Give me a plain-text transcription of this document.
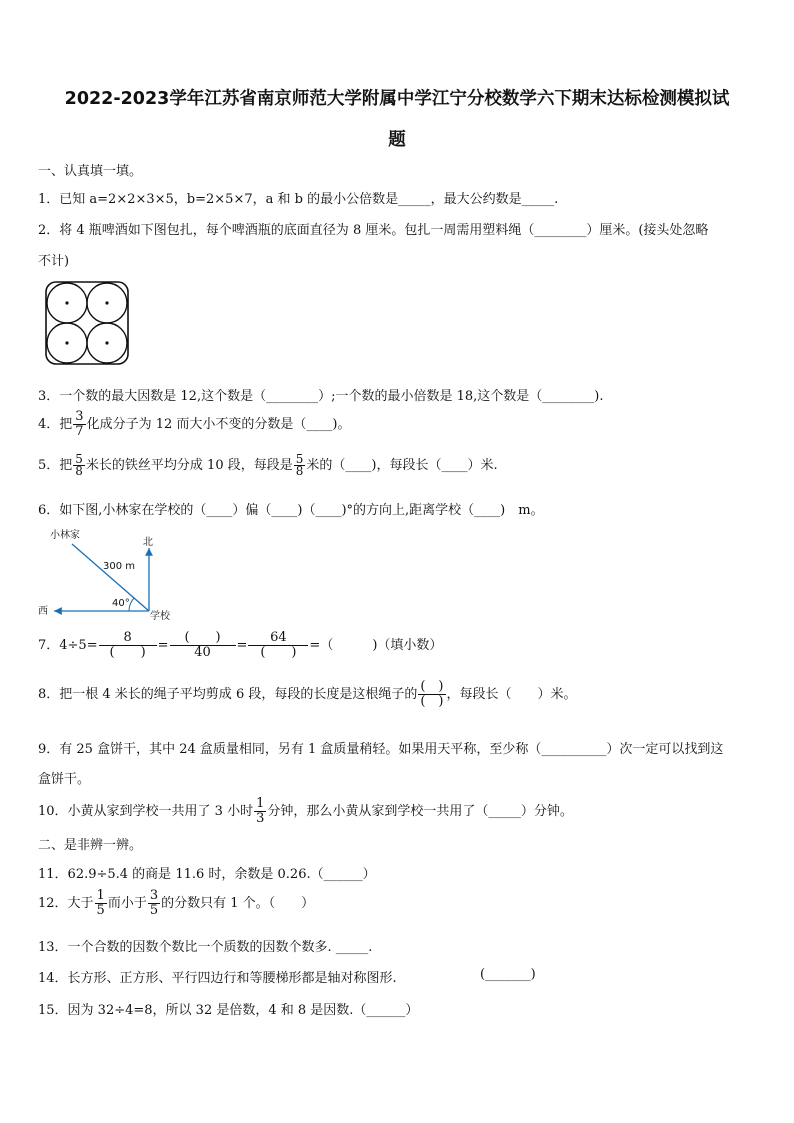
2022-2023学年江苏省南京师范大学附属中学江宁分校数学六下期末达标检测模拟试
题
一、认真填一填。
1．已知 a=2×2×3×5，b=2×5×7，a 和 b 的最小公倍数是_____，最大公约数是_____.
2．将 4 瓶啤酒如下图包扎，每个啤酒瓶的底面直径为 8 厘米。包扎一周需用塑料绳（________）厘米。(接头处忽略
不计)
3．一个数的最大因数是 12,这个数是（________）;一个数的最小倍数是 18,这个数是（________).
4．把 $\frac{3}{7}$ 化成分子为 12 而大小不变的分数是（____)。
5．把 $\frac{5}{8}$ 米长的铁丝平均分成 10 段，每段是 $\frac{5}{8}$ 米的（____)，每段长（____）米.
6．如下图,小林家在学校的（____）偏（____)（____)°的方向上,距离学校（____)　m。
小林家
北
西	学校
300 m
40°
7．$4\div 5= \frac{8}{( )} = \frac{( )}{40} = \frac{64}{( )}$ =（　　　)（填小数）
8．把一根 4 米长的绳子平均剪成 6 段，每段的长度是这根绳子的 $\frac{( )}{( )}$ ，每段长（　　）米。
9．有 25 盒饼干，其中 24 盒质量相同，另有 1 盒质量稍轻。如果用天平称，至少称（__________）次一定可以找到这
盒饼干。
10．小黄从家到学校一共用了 3 小时 $\frac{1}{3}$ 分钟，那么小黄从家到学校一共用了（_____）分钟。
二、是非辨一辨。
11．62.9÷5.4 的商是 11.6 时，余数是 0.26.（______）
12．大于 $\frac{1}{5}$ 而小于 $\frac{3}{5}$ 的分数只有 1 个。（　　）
13．一个合数的因数个数比一个质数的因数个数多. _____.
14．长方形、正方形、平行四边行和等腰梯形都是轴对称图形.	(_______)
15．因为 32÷4=8，所以 32 是倍数，4 和 8 是因数.（______）
